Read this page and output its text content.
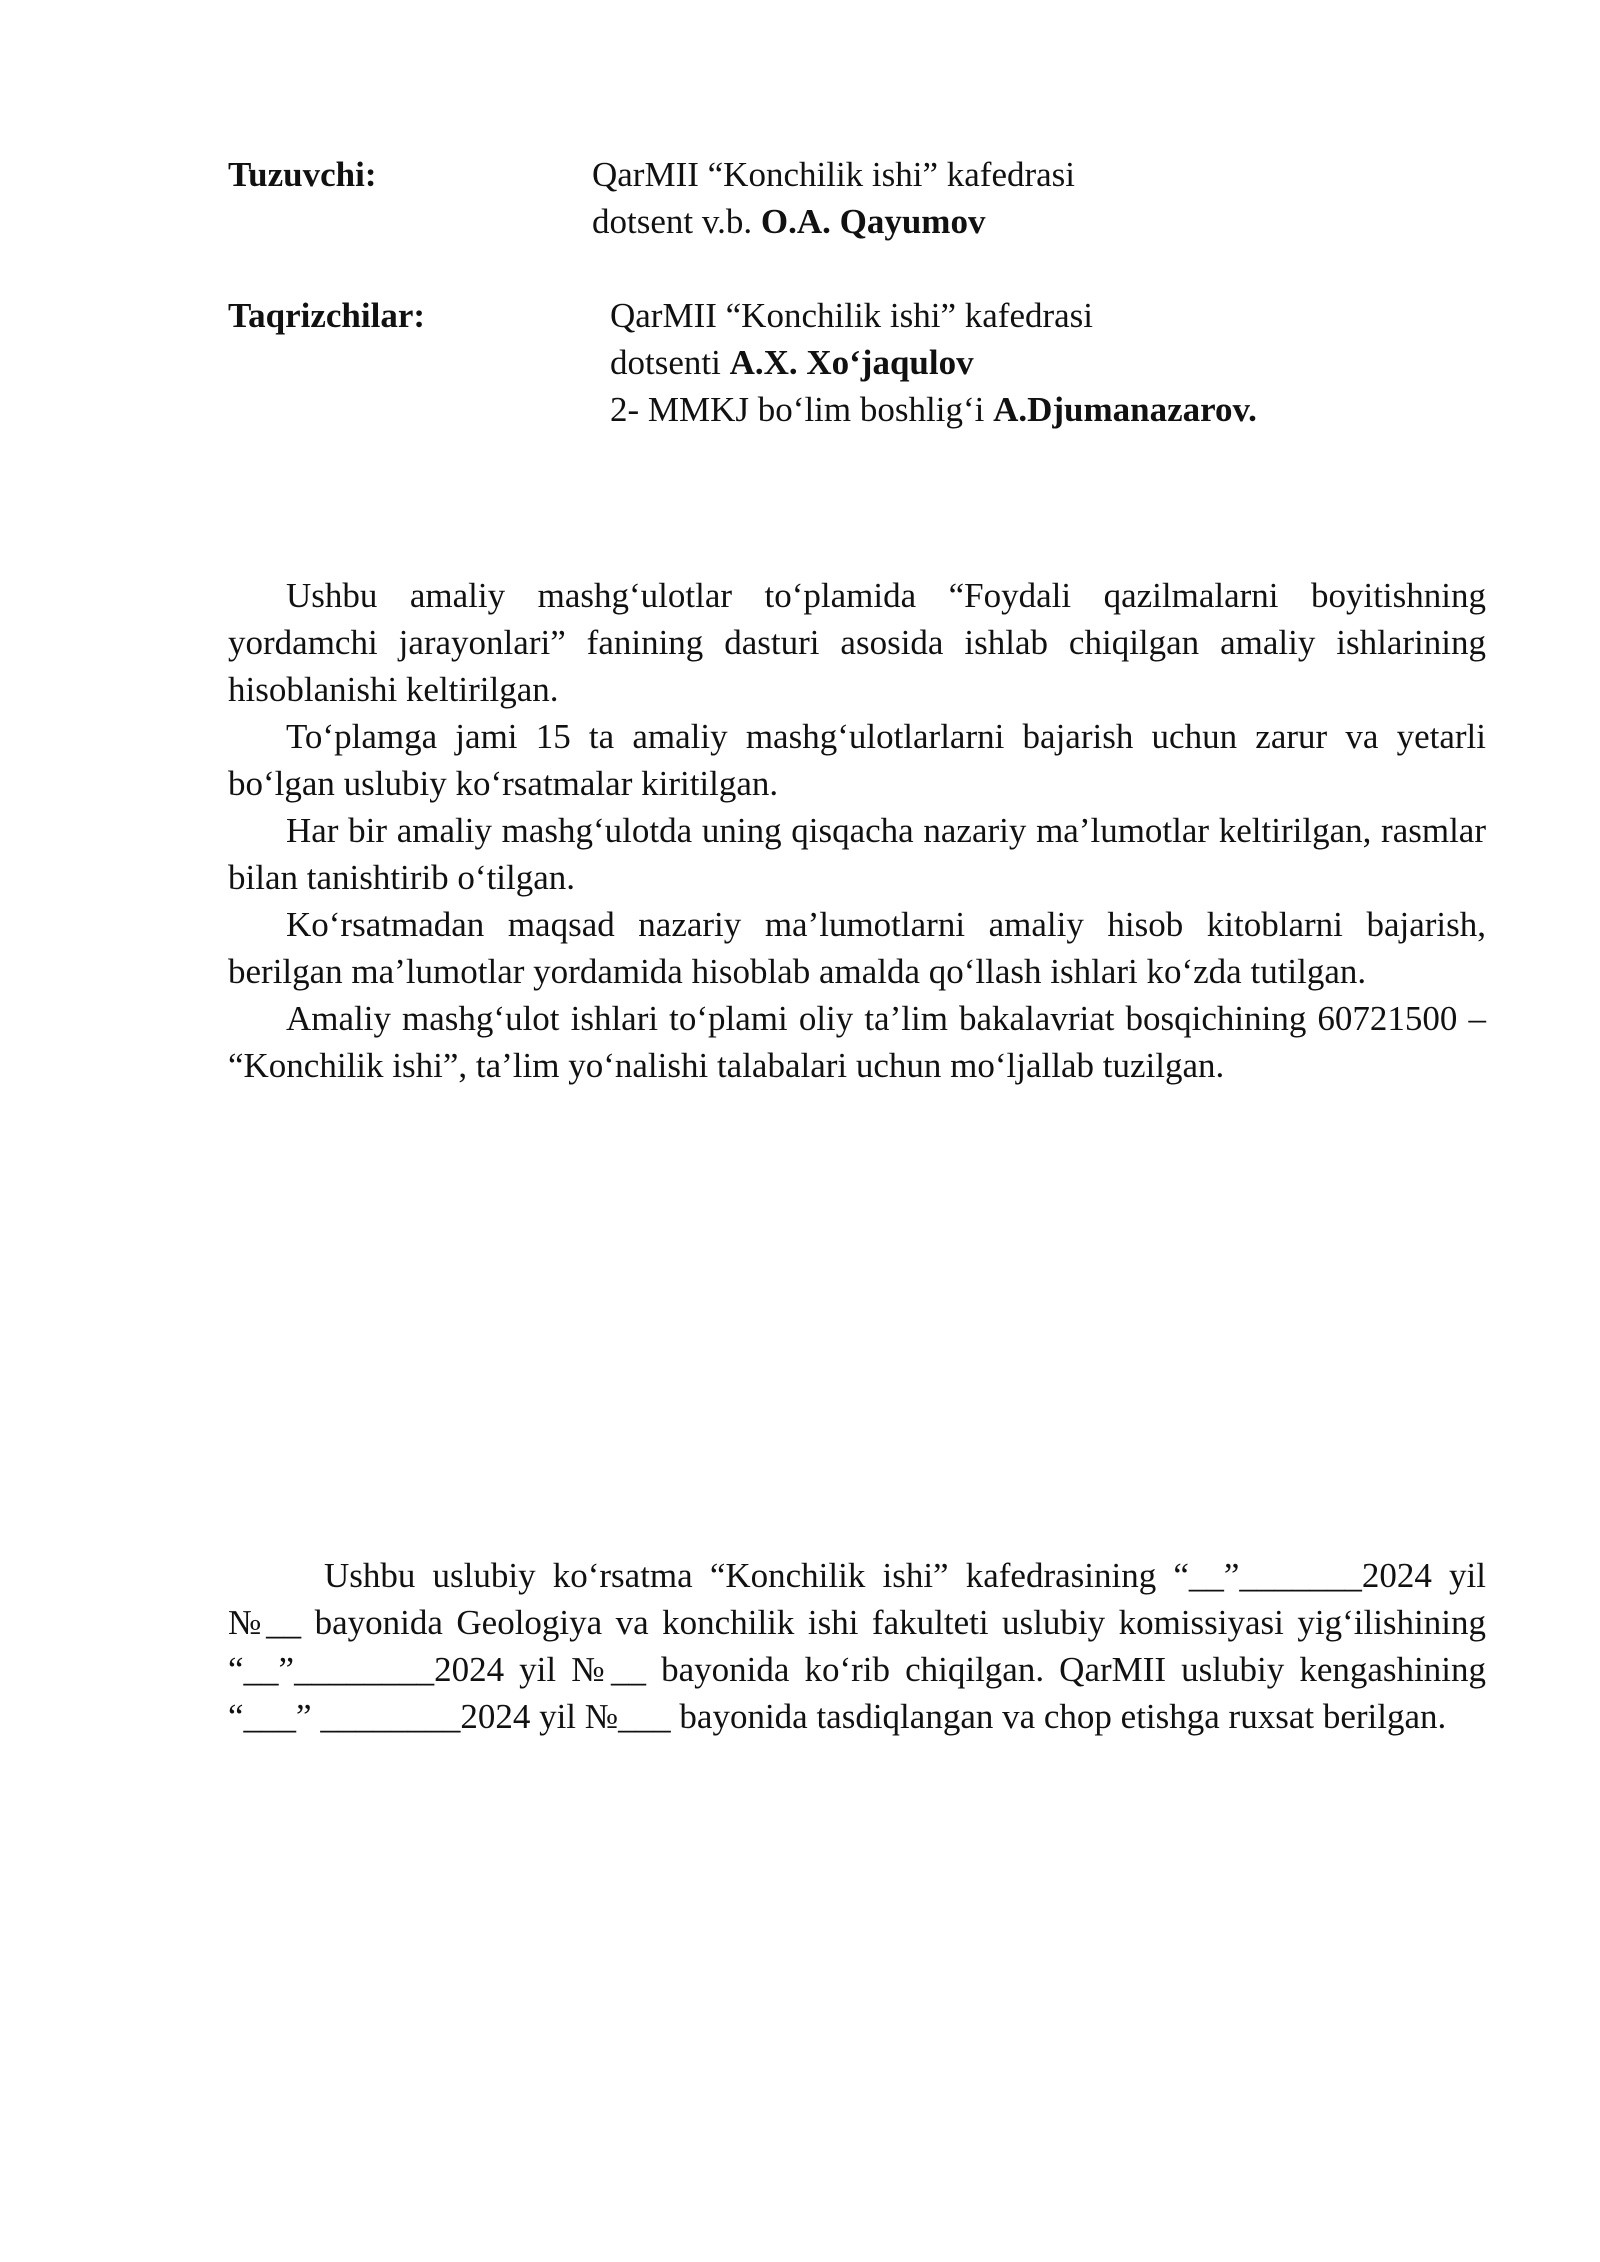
Tuzuvchi:	QarMII “Konchilik ishi” kafedrasi
dotsent v.b. O.A. Qayumov
Taqrizchilar:	QarMII “Konchilik ishi” kafedrasi
dotsenti A.X. Xo‘jaqulov
2- MMKJ bo‘lim boshlig‘i A.Djumanazarov.

Ushbu amaliy mashg‘ulotlar to‘plamida “Foydali qazilmalarni boyitishning yordamchi jarayonlari” fanining dasturi asosida ishlab chiqilgan amaliy ishlarining hisoblanishi keltirilgan.

To‘plamga jami 15 ta amaliy mashg‘ulotlarlarni bajarish uchun zarur va yetarli bo‘lgan uslubiy ko‘rsatmalar kiritilgan.

Har bir amaliy mashg‘ulotda uning qisqacha nazariy ma’lumotlar keltirilgan, rasmlar bilan tanishtirib o‘tilgan.

Ko‘rsatmadan maqsad nazariy ma’lumotlarni amaliy hisob kitoblarni bajarish, berilgan ma’lumotlar yordamida hisoblab amalda qo‘llash ishlari ko‘zda tutilgan.

Amaliy mashg‘ulot ishlari to‘plami oliy ta’lim bakalavriat bosqichining 60721500 – “Konchilik ishi”, ta’lim yo‘nalishi talabalari uchun mo‘ljallab tuzilgan.

Ushbu uslubiy ko‘rsatma “Konchilik ishi” kafedrasining “__”_______2024 yil №__ bayonida Geologiya va konchilik ishi fakulteti uslubiy komissiyasi yig‘ilishining “__”________2024 yil №__ bayonida ko‘rib chiqilgan. QarMII uslubiy kengashining “___” ________2024 yil №___ bayonida tasdiqlangan va chop etishga ruxsat berilgan.
